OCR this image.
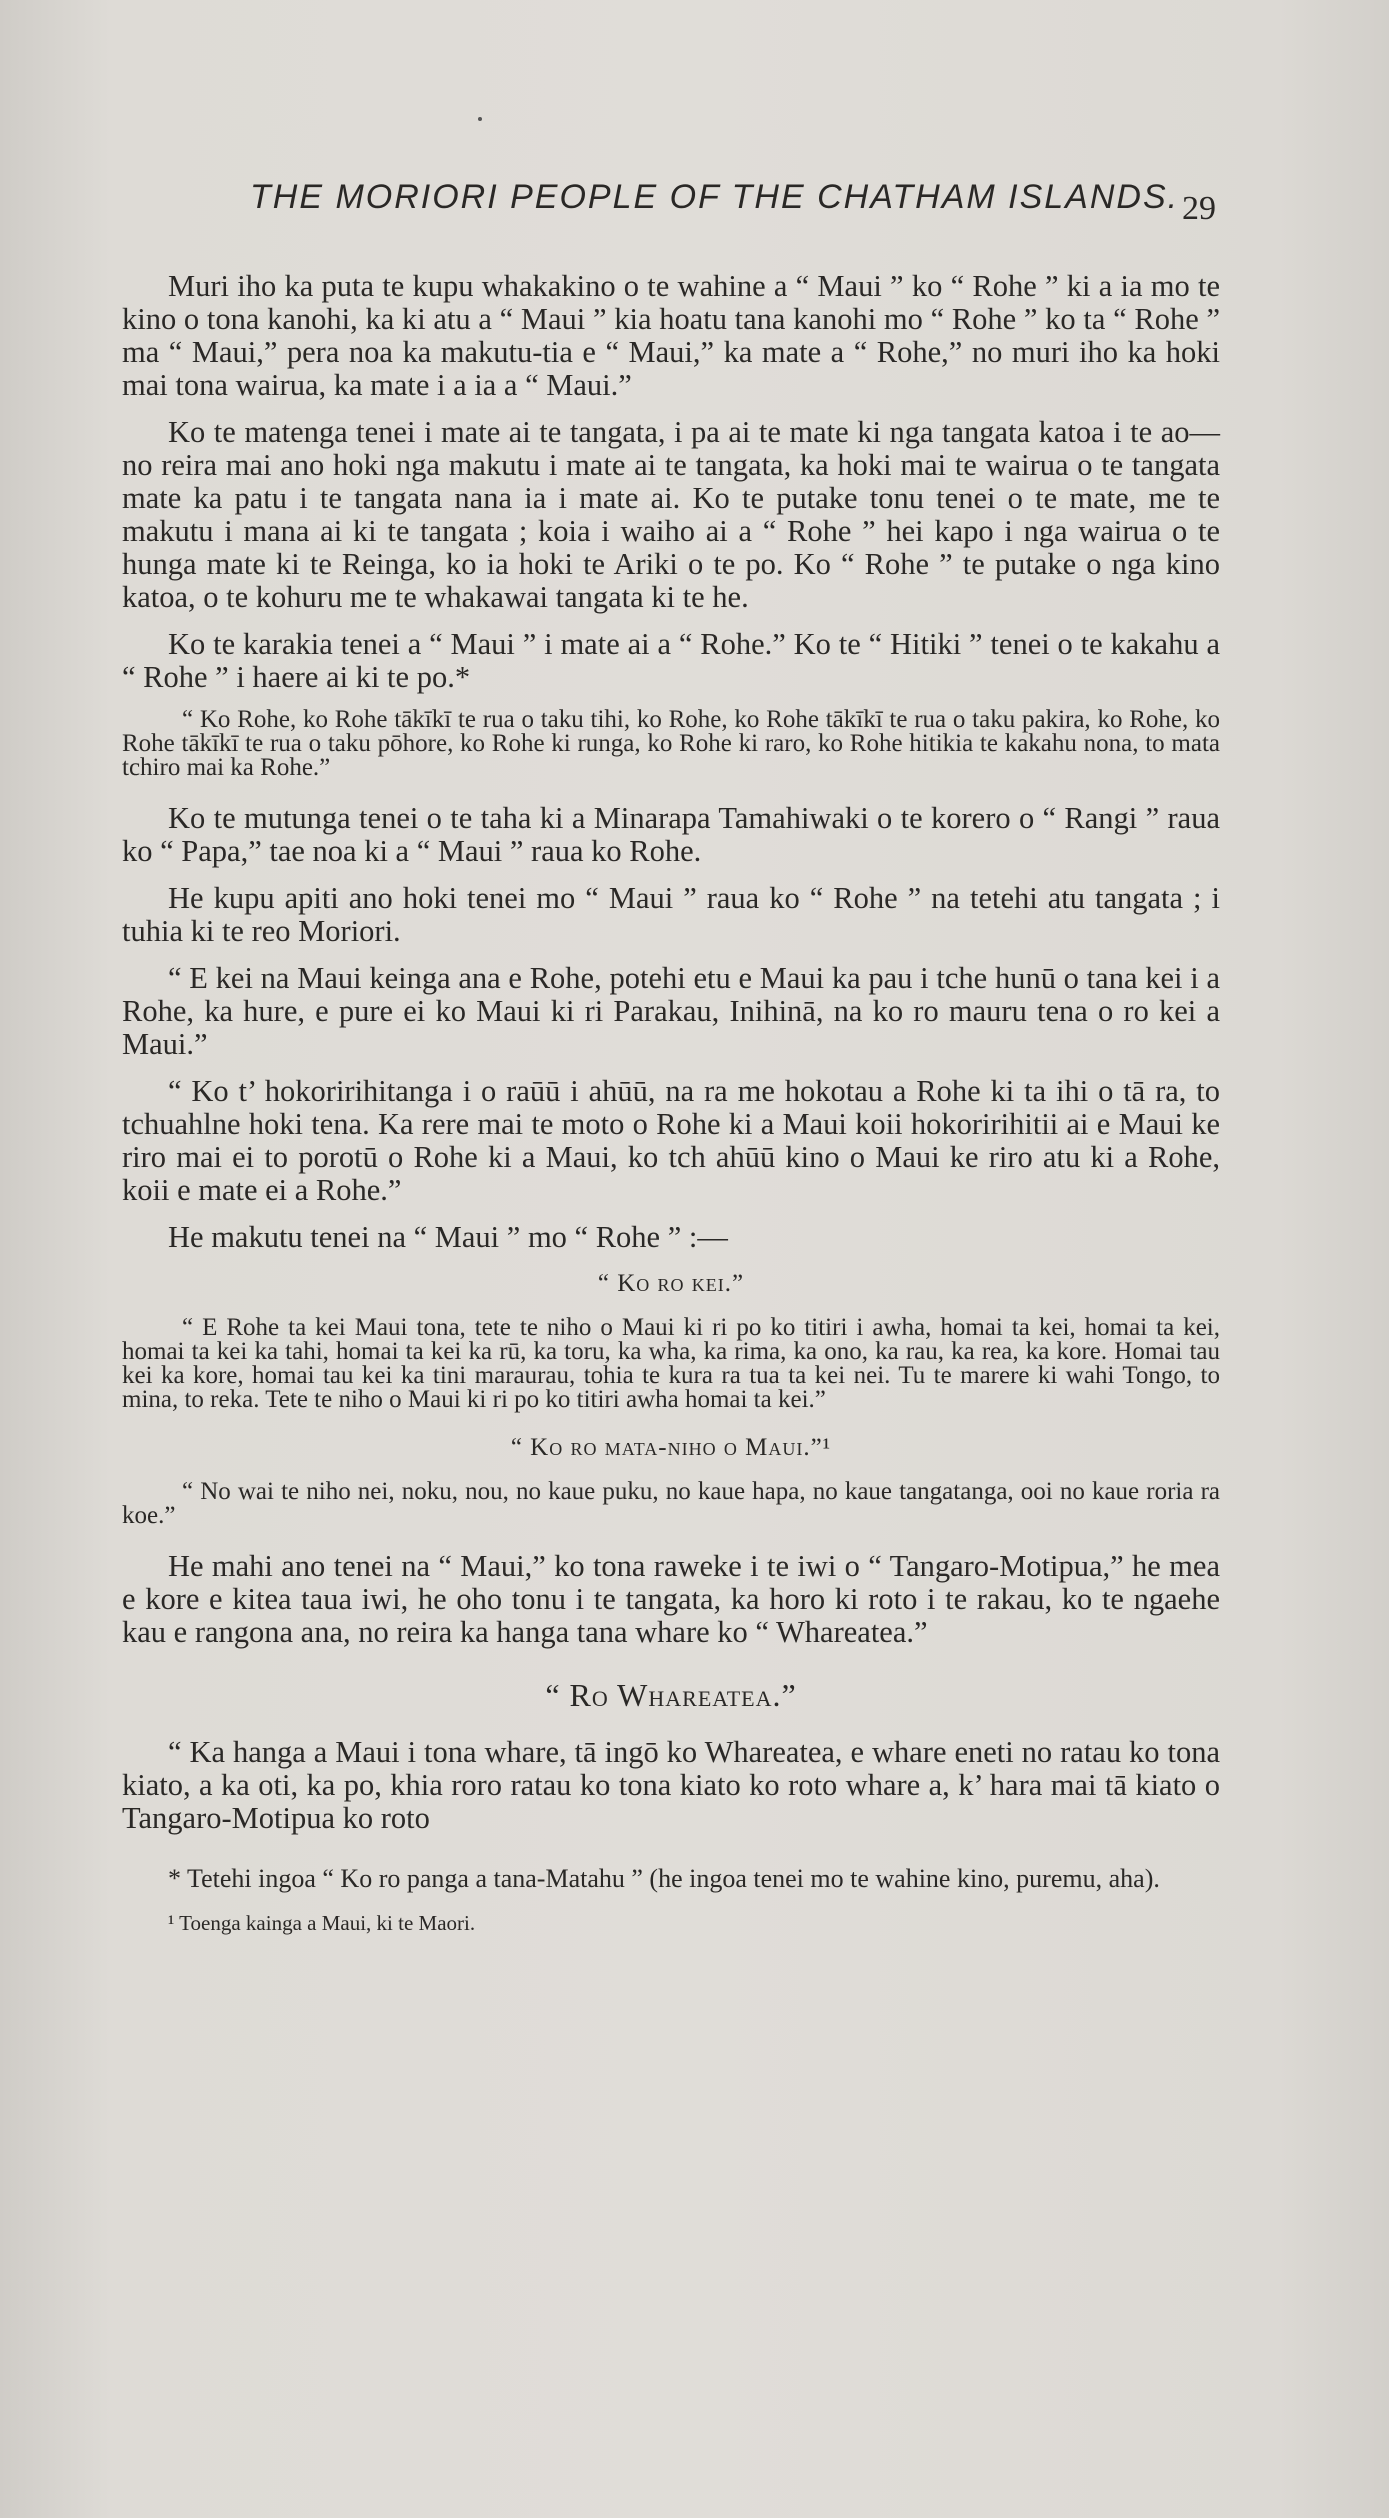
THE MORIORI PEOPLE OF THE CHATHAM ISLANDS. 29

Muri iho ka puta te kupu whakakino o te wahine a “ Maui ” ko “ Rohe ” ki a ia mo te kino o tona kanohi, ka ki atu a “ Maui ” kia hoatu tana kanohi mo “ Rohe ” ko ta “ Rohe ” ma “ Maui,” pera noa ka makutu-tia e “ Maui,” ka mate a “ Rohe,” no muri iho ka hoki mai tona wairua, ka mate i a ia a “ Maui.”

Ko te matenga tenei i mate ai te tangata, i pa ai te mate ki nga tangata katoa i te ao—no reira mai ano hoki nga makutu i mate ai te tangata, ka hoki mai te wairua o te tangata mate ka patu i te tangata nana ia i mate ai. Ko te putake tonu tenei o te mate, me te makutu i mana ai ki te tangata ; koia i waiho ai a “ Rohe ” hei kapo i nga wairua o te hunga mate ki te Reinga, ko ia hoki te Ariki o te po. Ko “ Rohe ” te putake o nga kino katoa, o te kohuru me te whakawai tangata ki te he.

Ko te karakia tenei a “ Maui ” i mate ai a “ Rohe.” Ko te “ Hitiki ” tenei o te kakahu a “ Rohe ” i haere ai ki te po.*

“ Ko Rohe, ko Rohe tākīkī te rua o taku tihi, ko Rohe, ko Rohe tākīkī te rua o taku pakira, ko Rohe, ko Rohe tākīkī te rua o taku pōhore, ko Rohe ki runga, ko Rohe ki raro, ko Rohe hitikia te kakahu nona, to mata tchiro mai ka Rohe.”

Ko te mutunga tenei o te taha ki a Minarapa Tamahiwaki o te korero o “ Rangi ” raua ko “ Papa,” tae noa ki a “ Maui ” raua ko Rohe.

He kupu apiti ano hoki tenei mo “ Maui ” raua ko “ Rohe ” na tetehi atu tangata ; i tuhia ki te reo Moriori.

“ E kei na Maui keinga ana e Rohe, potehi etu e Maui ka pau i tche hunū o tana kei i a Rohe, ka hure, e pure ei ko Maui ki ri Parakau, Inihinā, na ko ro mauru tena o ro kei a Maui.”

“ Ko t’ hokoririhitanga i o raūū i ahūū, na ra me hokotau a Rohe ki ta ihi o tā ra, to tchuahlne hoki tena. Ka rere mai te moto o Rohe ki a Maui koii hokoririhitii ai e Maui ke riro mai ei to porotū o Rohe ki a Maui, ko tch ahūū kino o Maui ke riro atu ki a Rohe, koii e mate ei a Rohe.”

He makutu tenei na “ Maui ” mo “ Rohe ” :—

“ Ko ro kei.”

“ E Rohe ta kei Maui tona, tete te niho o Maui ki ri po ko titiri i awha, homai ta kei, homai ta kei, homai ta kei ka tahi, homai ta kei ka rū, ka toru, ka wha, ka rima, ka ono, ka rau, ka rea, ka kore. Homai tau kei ka kore, homai tau kei ka tini maraurau, tohia te kura ra tua ta kei nei. Tu te marere ki wahi Tongo, to mina, to reka. Tete te niho o Maui ki ri po ko titiri awha homai ta kei.”

“ Ko ro mata-niho o Maui.”¹

“ No wai te niho nei, noku, nou, no kaue puku, no kaue hapa, no kaue tangatanga, ooi no kaue roria ra koe.”

He mahi ano tenei na “ Maui,” ko tona raweke i te iwi o “ Tangaro-Motipua,” he mea e kore e kitea taua iwi, he oho tonu i te tangata, ka horo ki roto i te rakau, ko te ngaehe kau e rangona ana, no reira ka hanga tana whare ko “ Whareatea.”

“ Ro Whareatea.”

“ Ka hanga a Maui i tona whare, tā ingō ko Whareatea, e whare eneti no ratau ko tona kiato, a ka oti, ka po, khia roro ratau ko tona kiato ko roto whare a, k’ hara mai tā kiato o Tangaro-Motipua ko roto

* Tetehi ingoa “ Ko ro panga a tana-Matahu ” (he ingoa tenei mo te wahine kino, puremu, aha).

¹ Toenga kainga a Maui, ki te Maori.
